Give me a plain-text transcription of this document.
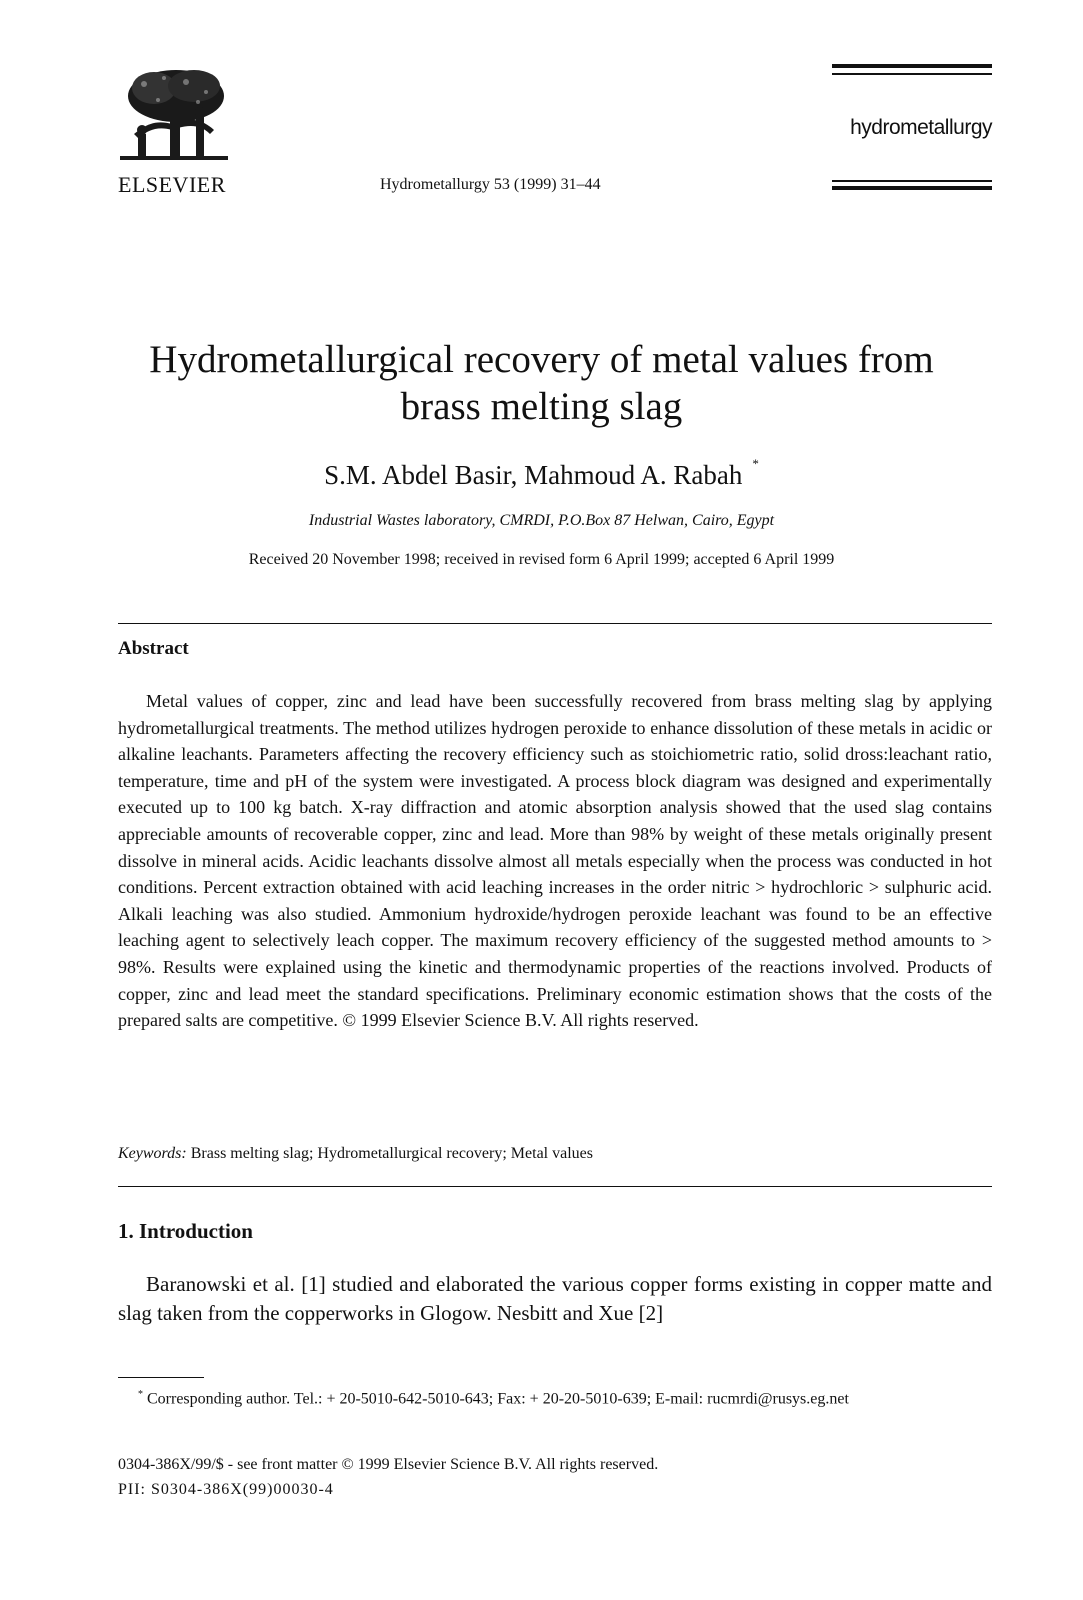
ELSEVIER	Hydrometallurgy 53 (1999) 31–44
hydrometallurgy
Hydrometallurgical recovery of metal values from
brass melting slag
S.M. Abdel Basir, Mahmoud A. Rabah *
Industrial Wastes laboratory, CMRDI, P.O.Box 87 Helwan, Cairo, Egypt
Received 20 November 1998; received in revised form 6 April 1999; accepted 6 April 1999
Abstract

Metal values of copper, zinc and lead have been successfully recovered from brass melting slag by applying hydrometallurgical treatments. The method utilizes hydrogen peroxide to enhance dissolution of these metals in acidic or alkaline leachants. Parameters affecting the recovery efficiency such as stoichiometric ratio, solid dross:leachant ratio, temperature, time and pH of the system were investigated. A process block diagram was designed and experimentally executed up to 100 kg batch. X-ray diffraction and atomic absorption analysis showed that the used slag contains appreciable amounts of recoverable copper, zinc and lead. More than 98% by weight of these metals originally present dissolve in mineral acids. Acidic leachants dissolve almost all metals especially when the process was conducted in hot conditions. Percent extraction obtained with acid leaching increases in the order nitric > hydrochloric > sulphuric acid. Alkali leaching was also studied. Ammonium hydroxide/hydrogen peroxide leachant was found to be an effective leaching agent to selectively leach copper. The maximum recovery efficiency of the suggested method amounts to > 98%. Results were explained using the kinetic and thermodynamic properties of the reactions involved. Products of copper, zinc and lead meet the standard specifications. Preliminary economic estimation shows that the costs of the prepared salts are competitive. © 1999 Elsevier Science B.V. All rights reserved.

Keywords: Brass melting slag; Hydrometallurgical recovery; Metal values
1. Introduction

Baranowski et al. [1] studied and elaborated the various copper forms existing in copper matte and slag taken from the copperworks in Glogow. Nesbitt and Xue [2]

* Corresponding author. Tel.: + 20-5010-642-5010-643; Fax: + 20-20-5010-639; E-mail: rucmrdi@rusys.eg.net

0304-386X/99/$ - see front matter © 1999 Elsevier Science B.V. All rights reserved.
PII: S0304-386X(99)00030-4
